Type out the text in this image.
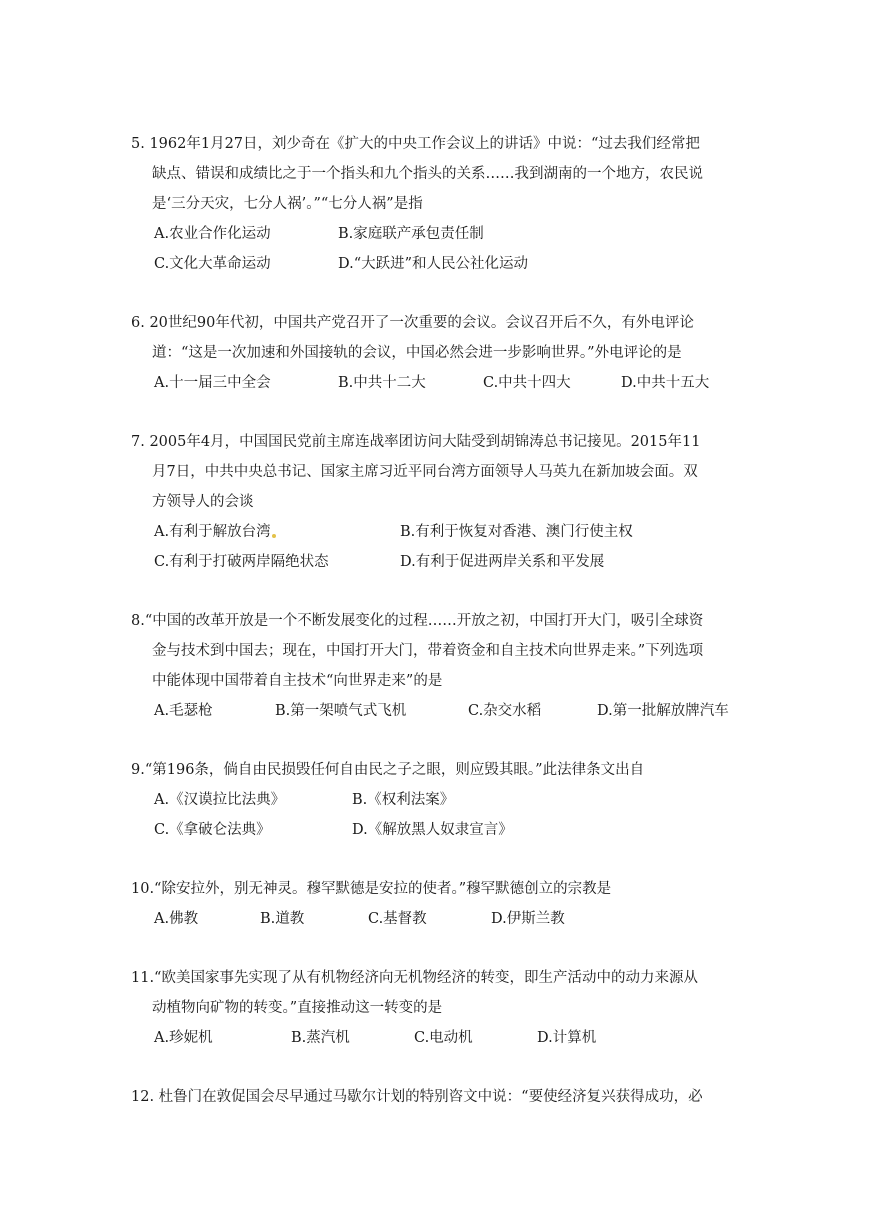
5. 1962年1月27日，刘少奇在《扩大的中央工作会议上的讲话》中说：“过去我们经常把
缺点、错误和成绩比之于一个指头和九个指头的关系……我到湖南的一个地方，农民说
是‘三分天灾，七分人祸’。”“七分人祸”是指
A.农业合作化运动	B.家庭联产承包责任制
C.文化大革命运动	D.“大跃进”和人民公社化运动
6. 20世纪90年代初，中国共产党召开了一次重要的会议。会议召开后不久，有外电评论
道：“这是一次加速和外国接轨的会议，中国必然会进一步影响世界。”外电评论的是
A.十一届三中全会	B.中共十二大	C.中共十四大	D.中共十五大
7. 2005年4月，中国国民党前主席连战率团访问大陆受到胡锦涛总书记接见。2015年11
月7日，中共中央总书记、国家主席习近平同台湾方面领导人马英九在新加坡会面。双
方领导人的会谈
A.有利于解放台湾	B.有利于恢复对香港、澳门行使主权
C.有利于打破两岸隔绝状态	D.有利于促进两岸关系和平发展
8.“中国的改革开放是一个不断发展变化的过程……开放之初，中国打开大门，吸引全球资
金与技术到中国去；现在，中国打开大门，带着资金和自主技术向世界走来。”下列选项
中能体现中国带着自主技术“向世界走来”的是
A.毛瑟枪	B.第一架喷气式飞机	C.杂交水稻	D.第一批解放牌汽车
9.“第196条，倘自由民损毁任何自由民之子之眼，则应毁其眼。”此法律条文出自
A.《汉谟拉比法典》	B.《权利法案》
C.《拿破仑法典》	D.《解放黑人奴隶宣言》
10.“除安拉外，别无神灵。穆罕默德是安拉的使者。”穆罕默德创立的宗教是
A.佛教	B.道教	C.基督教	D.伊斯兰教
11.“欧美国家事先实现了从有机物经济向无机物经济的转变，即生产活动中的动力来源从
动植物向矿物的转变。”直接推动这一转变的是
A.珍妮机	B.蒸汽机	C.电动机	D.计算机
12. 杜鲁门在敦促国会尽早通过马歇尔计划的特别咨文中说：“要使经济复兴获得成功，必
